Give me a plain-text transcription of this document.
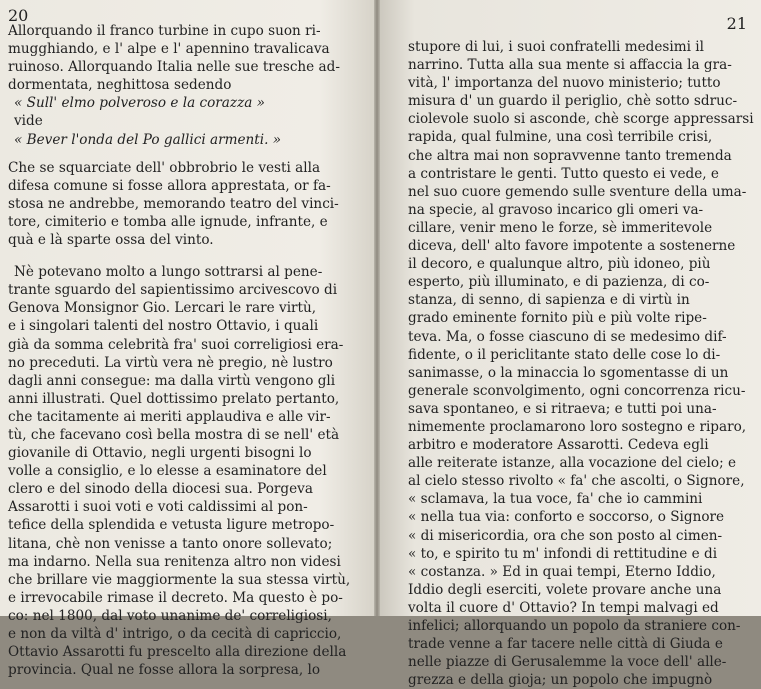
20
Allorquando il franco turbine in cupo suon ri-
mugghiando, e l' alpe e l' apennino travalicava
ruinoso. Allorquando Italia nelle sue tresche ad-
dormentata, neghittosa sedendo
« Sull' elmo polveroso e la corazza »
vide
« Bever l'onda del Po gallici armenti. »
Che se squarciate dell' obbrobrio le vesti alla
difesa comune si fosse allora apprestata, or fa-
stosa ne andrebbe, memorando teatro del vinci-
tore, cimiterio e tomba alle ignude, infrante, e
quà e là sparte ossa del vinto.
Nè potevano molto a lungo sottrarsi al pene-
trante sguardo del sapientissimo arcivescovo di
Genova Monsignor Gio. Lercari le rare virtù,
e i singolari talenti del nostro Ottavio, i quali
già da somma celebrità fra' suoi correligiosi era-
no preceduti. La virtù vera nè pregio, nè lustro
dagli anni consegue: ma dalla virtù vengono gli
anni illustrati. Quel dottissimo prelato pertanto,
che tacitamente ai meriti applaudiva e alle vir-
tù, che facevano così bella mostra di se nell' età
giovanile di Ottavio, negli urgenti bisogni lo
volle a consiglio, e lo elesse a esaminatore del
clero e del sinodo della diocesi sua. Porgeva
Assarotti i suoi voti e voti caldissimi al pon-
tefice della splendida e vetusta ligure metropo-
litana, chè non venisse a tanto onore sollevato;
ma indarno. Nella sua renitenza altro non videsi
che brillare vie maggiormente la sua stessa virtù,
e irrevocabile rimase il decreto. Ma questo è po-
co: nel 1800, dal voto unanime de' correligiosi,
e non da viltà d' intrigo, o da cecità di capriccio,
Ottavio Assarotti fu prescelto alla direzione della
provincia. Qual ne fosse allora la sorpresa, lo
21
stupore di lui, i suoi confratelli medesimi il
narrino. Tutta alla sua mente si affaccia la gra-
vità, l' importanza del nuovo ministerio; tutto
misura d' un guardo il periglio, chè sotto sdruc-
ciolevole suolo si asconde, chè scorge appressarsi
rapida, qual fulmine, una così terribile crisi,
che altra mai non sopravvenne tanto tremenda
a contristare le genti. Tutto questo ei vede, e
nel suo cuore gemendo sulle sventure della uma-
na specie, al gravoso incarico gli omeri va-
cillare, venir meno le forze, sè immeritevole
diceva, dell' alto favore impotente a sostenerne
il decoro, e qualunque altro, più idoneo, più
esperto, più illuminato, e di pazienza, di co-
stanza, di senno, di sapienza e di virtù in
grado eminente fornito più e più volte ripe-
teva. Ma, o fosse ciascuno di se medesimo dif-
fidente, o il periclitante stato delle cose lo di-
sanimasse, o la minaccia lo sgomentasse di un
generale sconvolgimento, ogni concorrenza ricu-
sava spontaneo, e si ritraeva; e tutti poi una-
nimemente proclamarono loro sostegno e riparo,
arbitro e moderatore Assarotti. Cedeva egli
alle reiterate istanze, alla vocazione del cielo; e
al cielo stesso rivolto « fa' che ascolti, o Signore,
« sclamava, la tua voce, fa' che io cammini
« nella tua via: conforto e soccorso, o Signore
« di misericordia, ora che son posto al cimen-
« to, e spirito tu m' infondi di rettitudine e di
« costanza. » Ed in quai tempi, Eterno Iddio,
Iddio degli eserciti, volete provare anche una
volta il cuore d' Ottavio? In tempi malvagi ed
infelici; allorquando un popolo da straniere con-
trade venne a far tacere nelle città di Giuda e
nelle piazze di Gerusalemme la voce dell' alle-
grezza e della gioja; un popolo che impugnò
